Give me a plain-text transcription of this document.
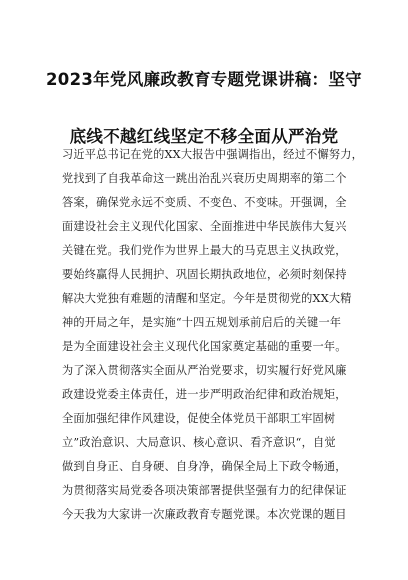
2023年党风廉政教育专题党课讲稿：坚守
底线不越红线坚定不移全面从严治党
习近平总书记在党的XX大报告中强调指出，经过不懈努力，
党找到了自我革命这一跳出治乱兴衰历史周期率的第二个
答案，确保党永远不变质、不变色、不变味。开强调，全
面建设社会主义现代化国家、全面推进中华民族伟大复兴
关键在党。我们党作为世界上最大的马克思主义执政党，
要始终赢得人民拥护、巩固长期执政地位，必须时刻保持
解决大党独有难题的清醒和坚定。今年是贯彻党的XX大精
神的开局之年，是实施“十四五规划承前启后的关键一年
是为全面建设社会主义现代化国家奠定基础的重要一年。
为了深入贯彻落实全面从严治党要求，切实履行好党风廉
政建设党委主体责任，进一步严明政治纪律和政治规矩，
全面加强纪律作风建设，促使全体党员干部职工牢固树
立”政治意识、大局意识、核心意识、看齐意识“，自觉
做到自身正、自身硬、自身净，确保全局上下政令畅通，
为贯彻落实局党委各项决策部署提供坚强有力的纪律保证
今天我为大家讲一次廉政教育专题党课。本次党课的题目
